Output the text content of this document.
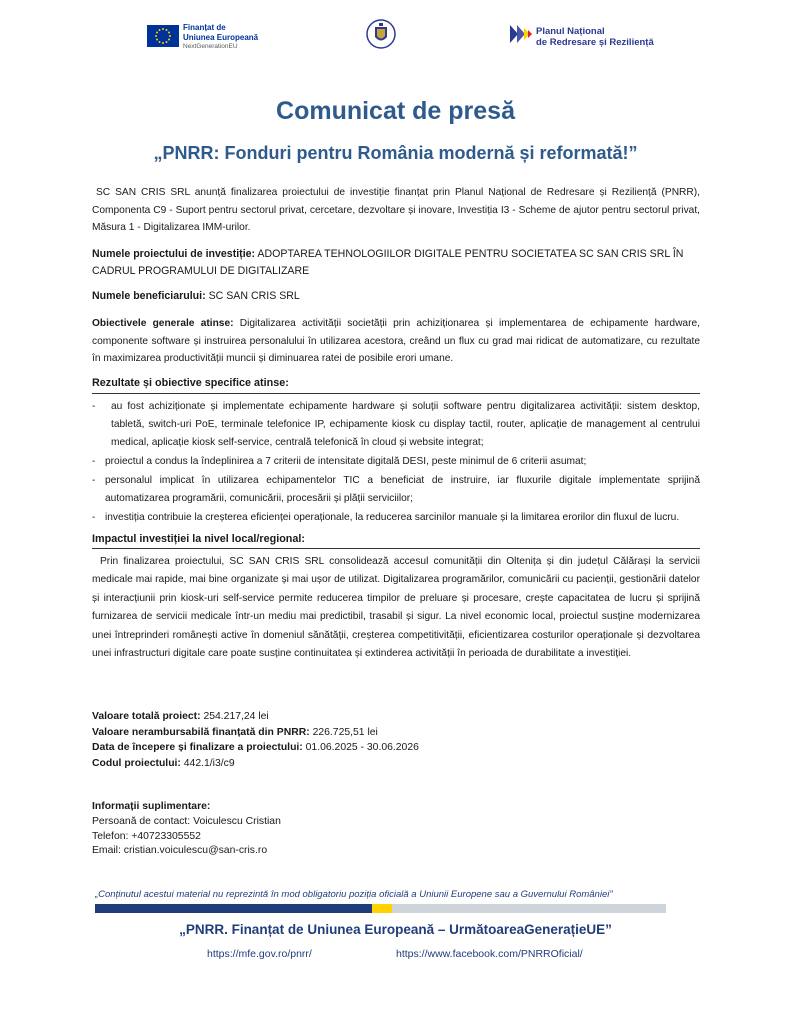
Finanțat de
Uniunea Europeană
NextGenerationEU
Planul Național
de Redresare și Reziliență
Comunicat de presă
„PNRR: Fonduri pentru România modernă și reformată!”
SC SAN CRIS SRL anunță finalizarea proiectului de investiție finanțat prin Planul Național de Redresare și Reziliență (PNRR), Componenta C9 - Suport pentru sectorul privat, cercetare, dezvoltare și inovare, Investiția I3 - Scheme de ajutor pentru sectorul privat, Măsura 1 - Digitalizarea IMM-urilor.
Numele proiectului de investiție: ADOPTAREA TEHNOLOGIILOR DIGITALE PENTRU SOCIETATEA SC SAN CRIS SRL ÎN CADRUL PROGRAMULUI DE DIGITALIZARE
Numele beneficiarului: SC SAN CRIS SRL
Obiectivele generale atinse: Digitalizarea activității societății prin achiziționarea și implementarea de echipamente hardware, componente software și instruirea personalului în utilizarea acestora, creând un flux cu grad mai ridicat de automatizare, cu rezultate în maximizarea productivității muncii și diminuarea ratei de posibile erori umane.
Rezultate și obiective specifice atinse:
- au fost achiziționate și implementate echipamente hardware și soluții software pentru digitalizarea activității: sistem desktop, tabletă, switch-uri PoE, terminale telefonice IP, echipamente kiosk cu display tactil, router, aplicație de management al centrului medical, aplicație kiosk self-service, centrală telefonică în cloud și website integrat;
- proiectul a condus la îndeplinirea a 7 criterii de intensitate digitală DESI, peste minimul de 6 criterii asumat;
- personalul implicat în utilizarea echipamentelor TIC a beneficiat de instruire, iar fluxurile digitale implementate sprijină automatizarea programării, comunicării, procesării și plății serviciilor;
- investiția contribuie la creșterea eficienței operaționale, la reducerea sarcinilor manuale și la limitarea erorilor din fluxul de lucru.
Impactul investiției la nivel local/regional:
Prin finalizarea proiectului, SC SAN CRIS SRL consolidează accesul comunității din Oltenița și din județul Călărași la servicii medicale mai rapide, mai bine organizate și mai ușor de utilizat. Digitalizarea programărilor, comunicării cu pacienții, gestionării datelor și interacțiunii prin kiosk-uri self-service permite reducerea timpilor de preluare și procesare, crește capacitatea de lucru și sprijină furnizarea de servicii medicale într-un mediu mai predictibil, trasabil și sigur. La nivel economic local, proiectul susține modernizarea unei întreprinderi românești active în domeniul sănătății, creșterea competitivității, eficientizarea costurilor operaționale și dezvoltarea unei infrastructuri digitale care poate susține continuitatea și extinderea activității în perioada de durabilitate a investiției.
Valoare totală proiect: 254.217,24 lei
Valoare nerambursabilă finanțată din PNRR: 226.725,51 lei
Data de începere și finalizare a proiectului: 01.06.2025 - 30.06.2026
Codul proiectului: 442.1/i3/c9
Informații suplimentare:
Persoană de contact: Voiculescu Cristian
Telefon: +40723305552
Email: cristian.voiculescu@san-cris.ro
„Conținutul acestui material nu reprezintă în mod obligatoriu poziția oficială a Uniunii Europene sau a Guvernului României”
„PNRR. Finanțat de Uniunea Europeană – UrmătoareaGenerațieUE”
https://mfe.gov.ro/pnrr/	https://www.facebook.com/PNRROficial/
